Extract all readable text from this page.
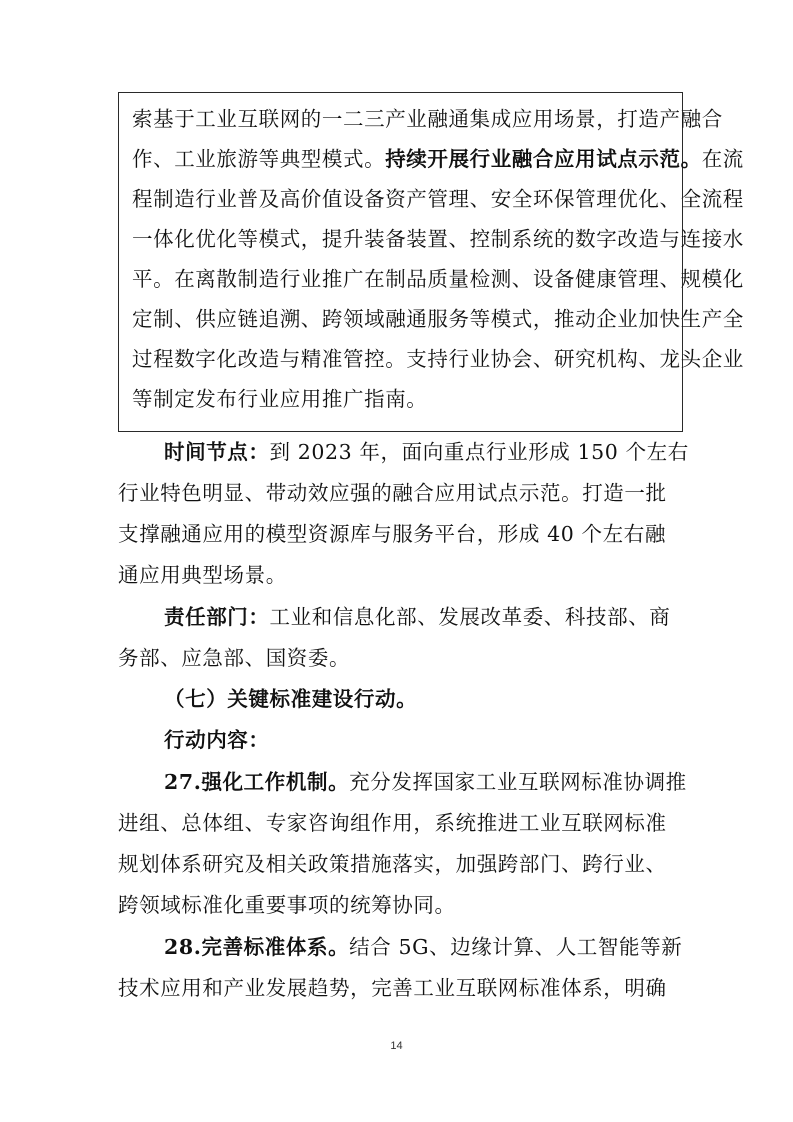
索基于工业互联网的一二三产业融通集成应用场景，打造产融合
作、工业旅游等典型模式。持续开展行业融合应用试点示范。在流
程制造行业普及高价值设备资产管理、安全环保管理优化、全流程
一体化优化等模式，提升装备装置、控制系统的数字改造与连接水
平。在离散制造行业推广在制品质量检测、设备健康管理、规模化
定制、供应链追溯、跨领域融通服务等模式，推动企业加快生产全
过程数字化改造与精准管控。支持行业协会、研究机构、龙头企业
等制定发布行业应用推广指南。
时间节点：到 2023 年，面向重点行业形成 150 个左右
行业特色明显、带动效应强的融合应用试点示范。打造一批
支撑融通应用的模型资源库与服务平台，形成 40 个左右融
通应用典型场景。
责任部门：工业和信息化部、发展改革委、科技部、商
务部、应急部、国资委。
（七）关键标准建设行动。
行动内容：
27.强化工作机制。充分发挥国家工业互联网标准协调推
进组、总体组、专家咨询组作用，系统推进工业互联网标准
规划体系研究及相关政策措施落实，加强跨部门、跨行业、
跨领域标准化重要事项的统筹协同。
28.完善标准体系。结合 5G、边缘计算、人工智能等新
技术应用和产业发展趋势，完善工业互联网标准体系，明确
14
